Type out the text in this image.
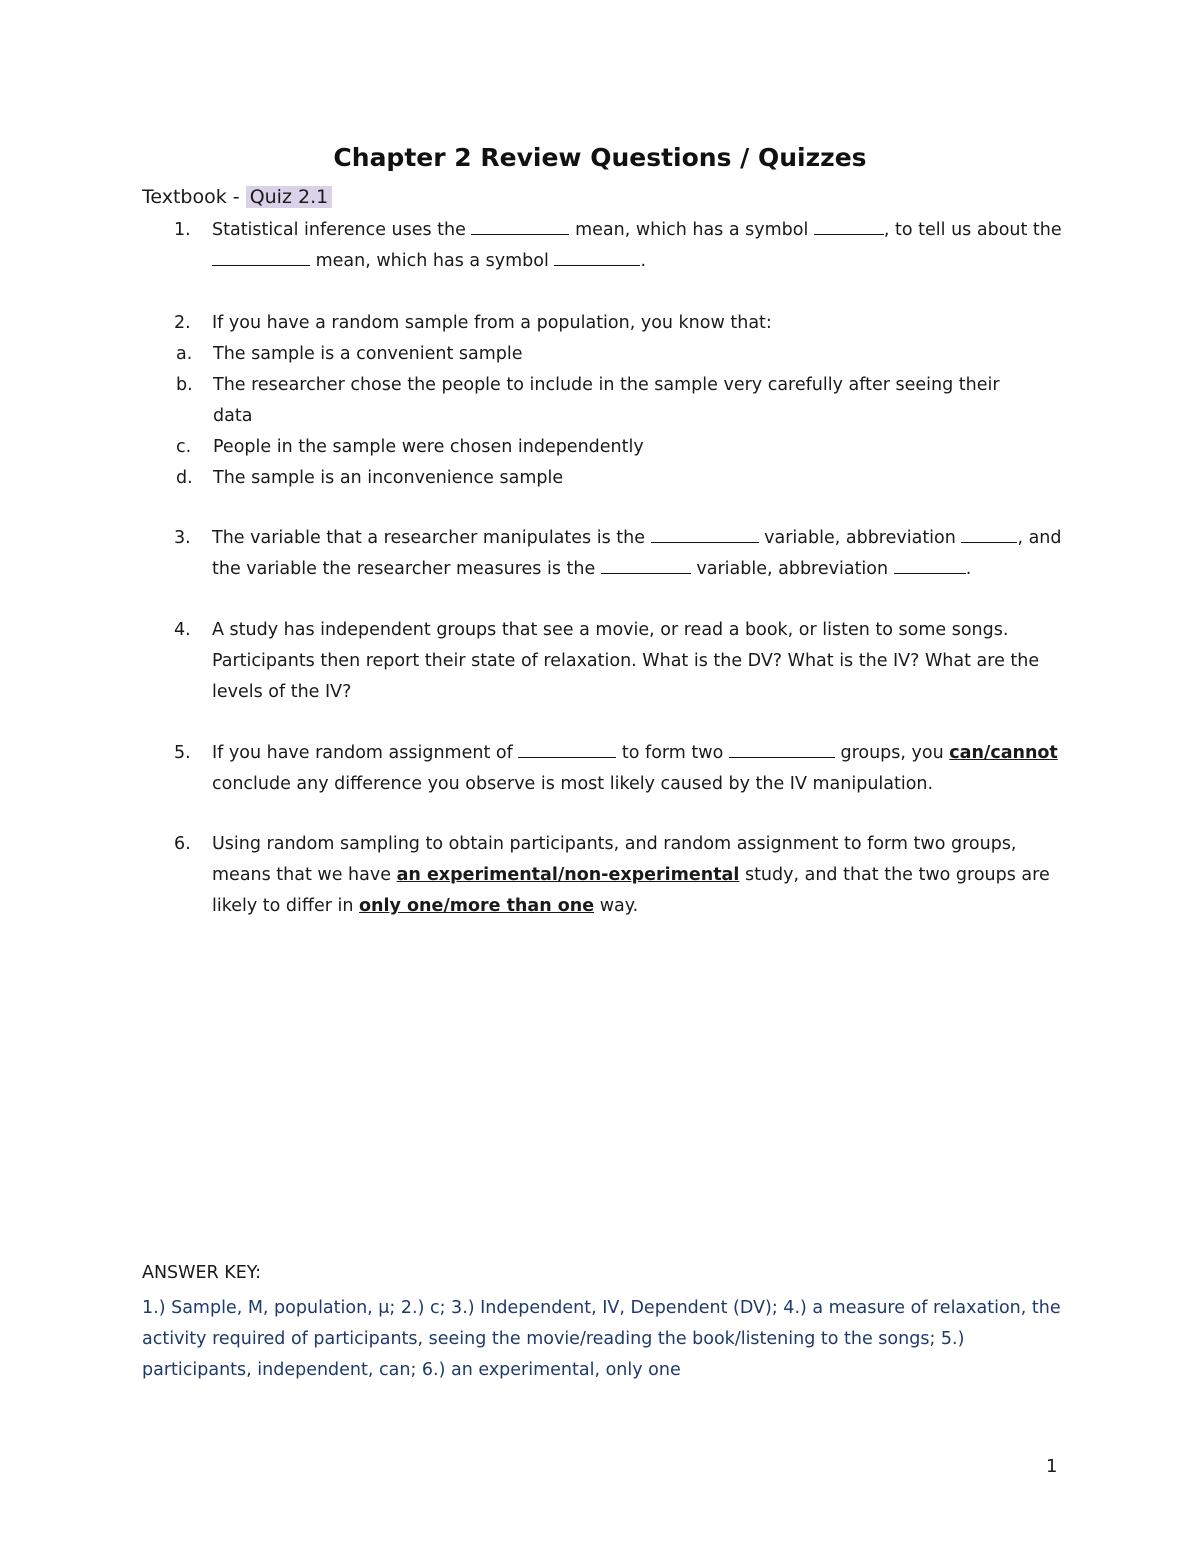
Chapter 2 Review Questions / Quizzes
Textbook - Quiz 2.1
1. Statistical inference uses the	mean, which has a symbol	, to tell us about the
mean, which has a symbol	.
2. If you have a random sample from a population, you know that:
a. The sample is a convenient sample
b. The researcher chose the people to include in the sample very carefully after seeing their data
c. People in the sample were chosen independently
d. The sample is an inconvenience sample
3. The variable that a researcher manipulates is the	variable, abbreviation	, and the variable the researcher measures is the	variable, abbreviation	.
4. A study has independent groups that see a movie, or read a book, or listen to some songs. Participants then report their state of relaxation. What is the DV? What is the IV? What are the levels of the IV?
5. If you have random assignment of	to form two	groups, you can/cannot conclude any difference you observe is most likely caused by the IV manipulation.
6. Using random sampling to obtain participants, and random assignment to form two groups, means that we have an experimental/non-experimental study, and that the two groups are likely to differ in only one/more than one way.
ANSWER KEY:
1.) Sample, M, population, μ; 2.) c; 3.) Independent, IV, Dependent (DV); 4.) a measure of relaxation, the activity required of participants, seeing the movie/reading the book/listening to the songs; 5.) participants, independent, can; 6.) an experimental, only one
1
